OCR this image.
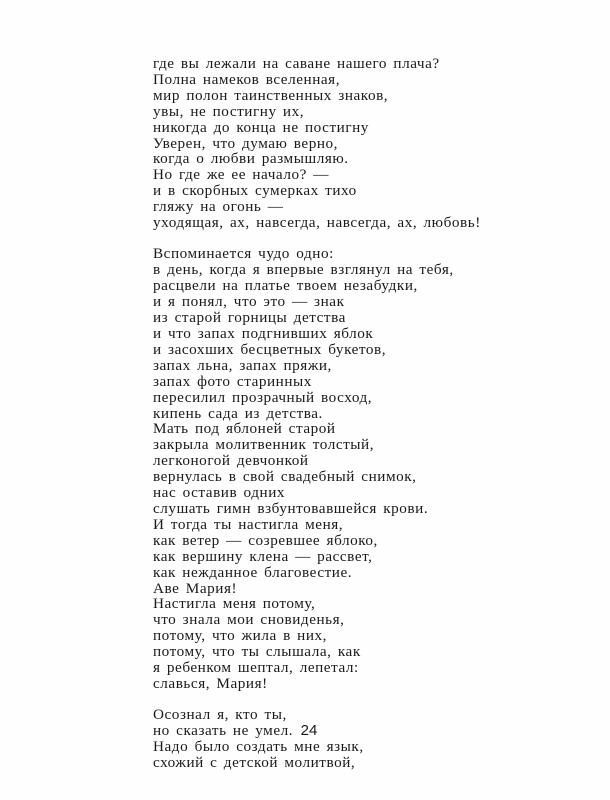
где вы лежали на саване нашего плача?
Полна намеков вселенная,
мир полон таинственных знаков,
увы, не постигну их,
никогда до конца не постигну
Уверен, что думаю верно,
когда о любви размышляю.
Но где же ее начало? —
и в скорбных сумерках тихо
гляжу на огонь —
уходящая, ах, навсегда, навсегда, ах, любовь!
Вспоминается чудо одно:
в день, когда я впервые взглянул на тебя,
расцвели на платье твоем незабудки,
и я понял, что это — знак
из старой горницы детства
и что запах подгнивших яблок
и засохших бесцветных букетов,
запах льна, запах пряжи,
запах фото старинных
пересилил прозрачный восход,
кипень сада из детства.
Мать под яблоней старой
закрыла молитвенник толстый,
легконогой девчонкой
вернулась в свой свадебный снимок,
нас оставив одних
слушать гимн взбунтовавшейся крови.
И тогда ты настигла меня,
как ветер — созревшее яблоко,
как вершину клена — рассвет,
как нежданное благовестие.
Аве Мария!
Настигла меня потому,
что знала мои сновиденья,
потому, что жила в них,
потому, что ты слышала, как
я ребенком шептал, лепетал:
славься, Мария!
Осознал я, кто ты,
но сказать не умел.
Надо было создать мне язык,
схожий с детской молитвой,
24
